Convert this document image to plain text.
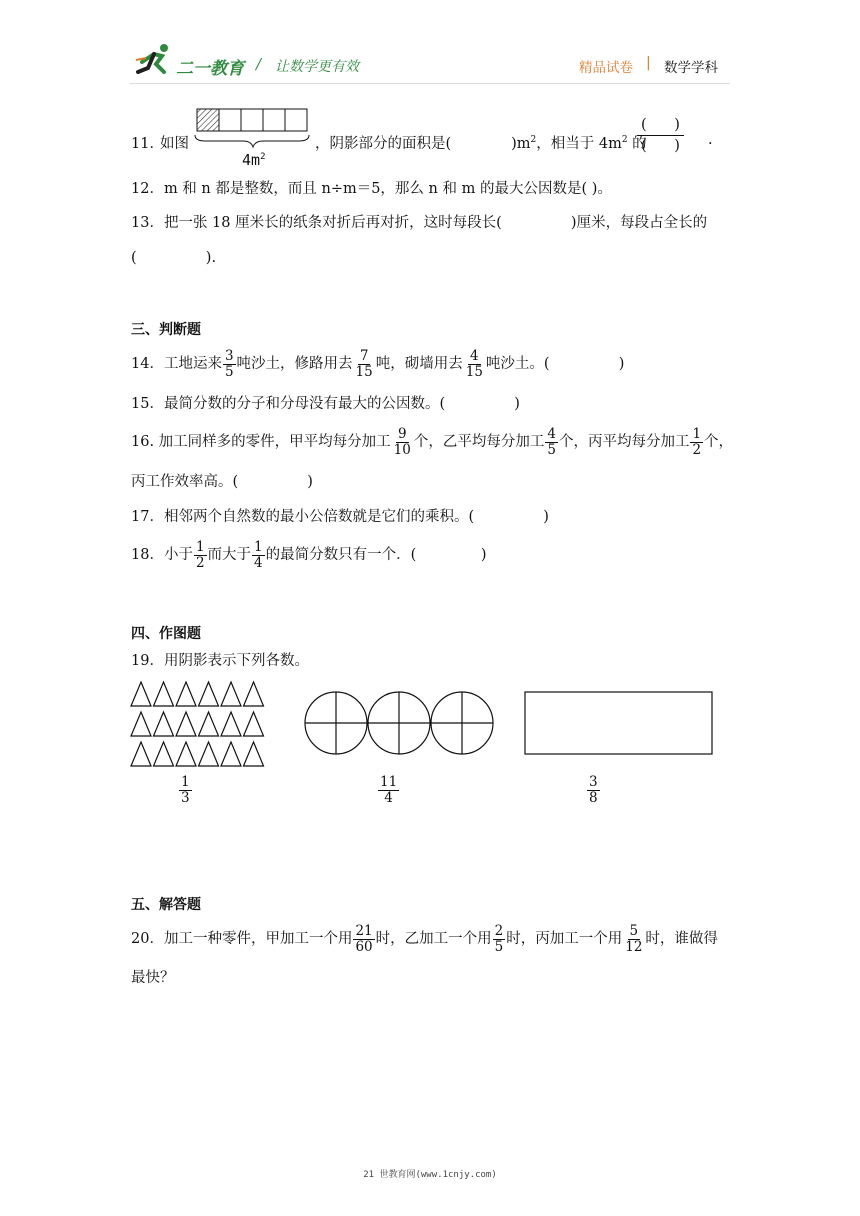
二一教育 / 让数学更有效	精品试卷 | 数学学科
11．
如图
$4m^2$
，阴影部分的面积是(	)$m^2$，相当于 $4m^2$ 的
(      )
(      ) .
12．m 和 n 都是整数，而且 n÷m＝5，那么 n 和 m 的最大公因数是( )。
13．把一张 18 厘米长的纸条对折后再对折，这时每段长(               )厘米，每段占全长的
(               ).
三、判断题
14．工地运来 $\frac{3}{5}$ 吨沙土，修路用去 $\frac{7}{15}$ 吨，砌墙用去 $\frac{4}{15}$ 吨沙土。(               )
15．最简分数的分子和分母没有最大的公因数。(               )
16. 加工同样多的零件，甲平均每分加工 $\frac{9}{10}$ 个，乙平均每分加工 $\frac{4}{5}$ 个，丙平均每分加工 $\frac{1}{2}$ 个，
丙工作效率高。(               )
17．相邻两个自然数的最小公倍数就是它们的乘积。(               )
18．小于 $\frac{1}{2}$ 而大于 $\frac{1}{4}$ 的最简分数只有一个．(              )
四、作图题
19．用阴影表示下列各数。
$\frac{1}{3}$	$\frac{11}{4}$	$\frac{3}{8}$
五、解答题
20．加工一种零件，甲加工一个用 $\frac{21}{60}$ 时，乙加工一个用 $\frac{2}{5}$ 时，丙加工一个用 $\frac{5}{12}$ 时，谁做得
最快？
21 世教育网(www.1cnjy.com)
